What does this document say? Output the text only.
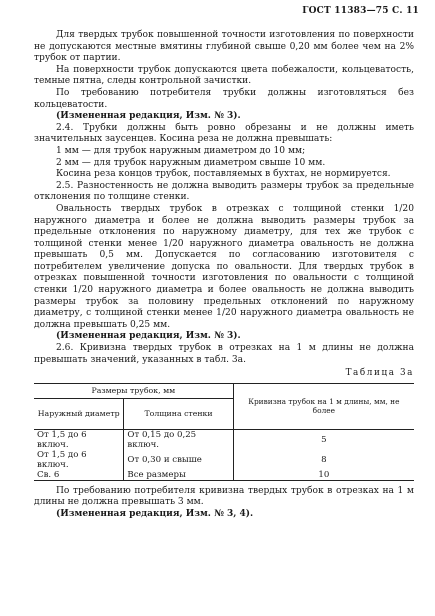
ГОСТ 11383—75 С. 11

Для твердых трубок повышенной точности изготовления по поверхности не допускаются местные вмятины глубиной свыше 0,20 мм более чем на 2% трубок от партии.

На поверхности трубок допускаются цвета побежалости, кольцеватость, темные пятна, следы контрольной зачистки.

По требованию потребителя трубки должны изготовляться без кольцеватости.

(Измененная редакция, Изм. № 3).

2.4. Трубки должны быть ровно обрезаны и не должны иметь значительных заусенцев. Косина реза не должна превышать:

1 мм — для трубок наружным диаметром до 10 мм;

2 мм — для трубок наружным диаметром свыше 10 мм.

Косина реза концов трубок, поставляемых в бухтах, не нормируется.

2.5. Разностенность не должна выводить размеры трубок за предельные отклонения по толщине стенки.

Овальность твердых трубок в отрезках с толщиной стенки 1/20 наружного диаметра и более не должна выводить размеры трубок за предельные отклонения по наружному диаметру, для тех же трубок с толщиной стенки менее 1/20 наружного диаметра овальность не должна превышать 0,5 мм. Допускается по согласованию изготовителя с потребителем увеличение допуска по овальности. Для твердых трубок в отрезках повышенной точности изготовления по овальности с толщиной стенки 1/20 наружного диаметра и более овальность не должна выводить размеры трубок за половину предельных отклонений по наружному диаметру, с толщиной стенки менее 1/20 наружного диаметра овальность не должна превышать 0,25 мм.

(Измененная редакция, Изм. № 3).

2.6. Кривизна твердых трубок в отрезках на 1 м длины не должна превышать значений, указанных в табл. 3а.

Таблица 3а
Размеры трубок, мм		Кривизна трубок на 1 м длины, мм, не более
Наружный диаметр	Толщина стенки	
От 1,5 до 6 включ.	От 0,15 до 0,25 включ.	5
От 1,5 до 6 включ.	От 0,30 и свыше	8
Св. 6	Все размеры	10

По требованию потребителя кривизна твердых трубок в отрезках на 1 м длины не должна превышать 3 мм.

(Измененная редакция, Изм. № 3, 4).
